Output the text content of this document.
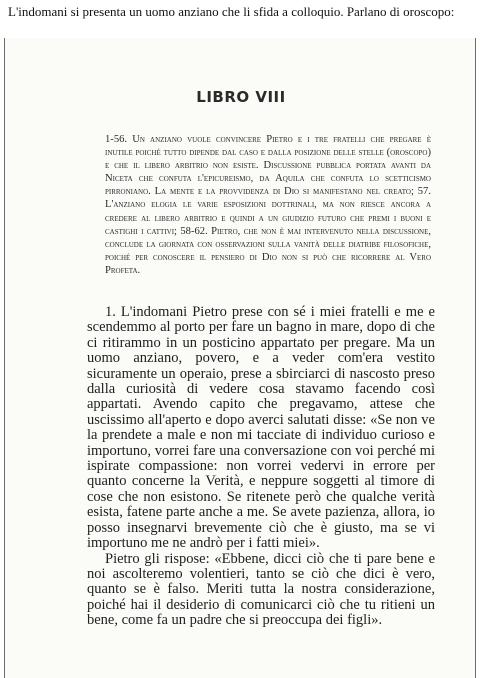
L'indomani si presenta un uomo anziano che li sfida a colloquio. Parlano di oroscopo:
LIBRO VIII
1-56. Un anziano vuole convincere Pietro e i tre fratelli che pregare è inutile poiché tutto dipende dal caso e dalla posizione delle stelle (oroscopo) e che il libero arbitrio non esiste. Discussione pubblica portata avanti da Niceta che confuta l'epicureismo, da Aquila che confuta lo scetticismo pirroniano. La mente e la provvidenza di Dio si manifestano nel creato; 57. L'anziano elogia le varie esposizioni dottrinali, ma non riesce ancora a credere al libero arbitrio e quindi a un giudizio futuro che premi i buoni e castighi i cattivi; 58-62. Pietro, che non è mai intervenuto nella discussione, conclude la giornata con osservazioni sulla vanità delle diatribe filosofiche, poiché per conoscere il pensiero di Dio non si può che ricorrere al Vero Profeta.

1. L'indomani Pietro prese con sé i miei fratelli e me e scendemmo al porto per fare un bagno in mare, dopo di che ci ritirammo in un posticino appartato per pregare. Ma un uomo anziano, povero, e a veder com'era vestito sicuramente un operaio, prese a sbirciarci di nascosto preso dalla curiosità di vedere cosa stavamo facendo così appartati. Avendo capito che pregavamo, attese che uscissimo all'aperto e dopo averci salutati disse: «Se non ve la prendete a male e non mi tacciate di individuo curioso e importuno, vorrei fare una conversazione con voi perché mi ispirate compassione: non vorrei vedervi in errore per quanto concerne la Verità, e neppure soggetti al timore di cose che non esistono. Se ritenete però che qualche verità esista, fatene parte anche a me. Se avete pazienza, allora, io posso insegnarvi brevemente ciò che è giusto, ma se vi importuno me ne andrò per i fatti miei».

Pietro gli rispose: «Ebbene, dicci ciò che ti pare bene e noi ascolteremo volentieri, tanto se ciò che dici è vero, quanto se è falso. Meriti tutta la nostra considerazione, poiché hai il desiderio di comunicarci ciò che tu ritieni un bene, come fa un padre che si preoccupa dei figli».
